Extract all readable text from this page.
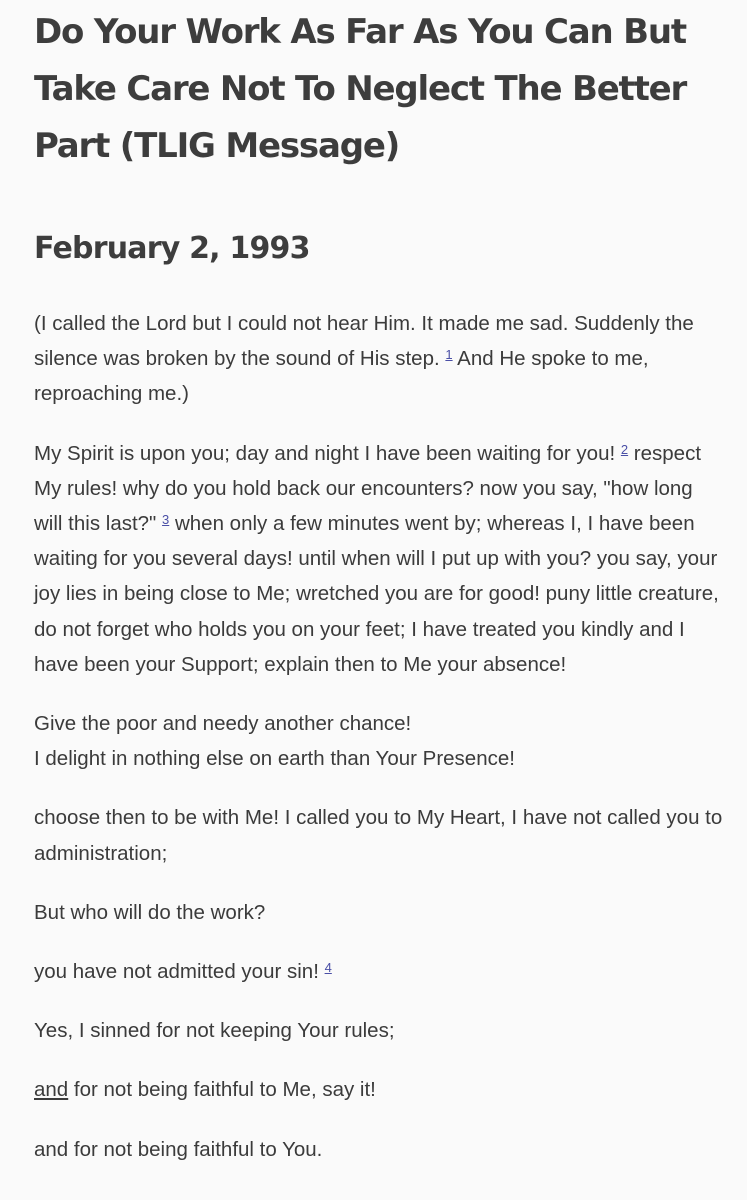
Do Your Work As Far As You Can But Take Care Not To Neglect The Better Part (TLIG Message)
February 2, 1993

(I called the Lord but I could not hear Him. It made me sad. Suddenly the silence was broken by the sound of His step. $^1$ And He spoke to me, reproaching me.)

My Spirit is upon you; day and night I have been waiting for you! $^2$ respect My rules! why do you hold back our encounters? now you say, "how long will this last?" $^3$ when only a few minutes went by; whereas I, I have been waiting for you several days! until when will I put up with you? you say, your joy lies in being close to Me; wretched you are for good! puny little creature, do not forget who holds you on your feet; I have treated you kindly and I have been your Support; explain then to Me your absence!

Give the poor and needy another chance!
I delight in nothing else on earth than Your Presence!

choose then to be with Me! I called you to My Heart, I have not called you to administration;

But who will do the work?

you have not admitted your sin! $^4$

Yes, I sinned for not keeping Your rules;

and for not being faithful to Me, say it!

and for not being faithful to You.
